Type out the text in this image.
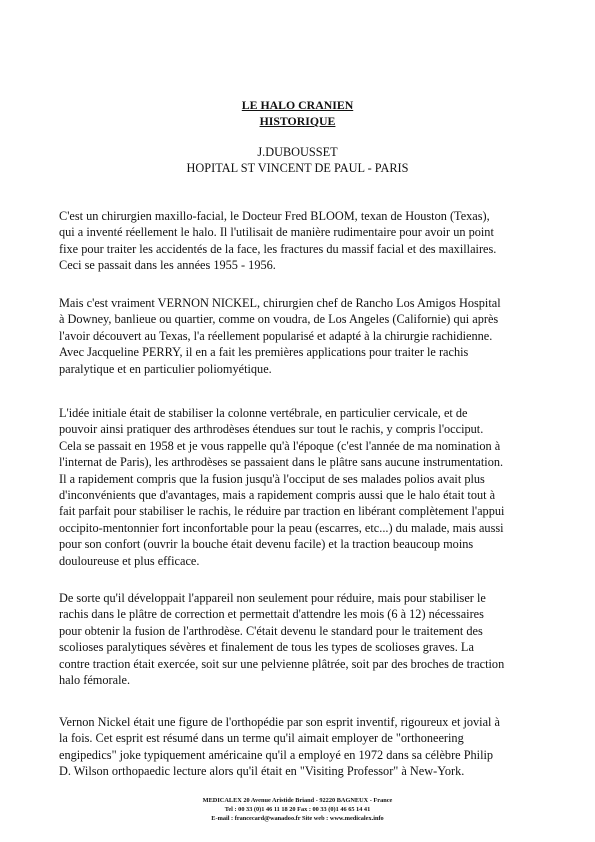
LE HALO CRANIEN
HISTORIQUE
J.DUBOUSSET
HOPITAL ST VINCENT DE PAUL - PARIS
C'est un chirurgien maxillo-facial, le Docteur Fred BLOOM, texan de Houston (Texas),
qui a inventé réellement le halo. Il l'utilisait de manière rudimentaire pour avoir un point
fixe pour traiter les accidentés de la face, les fractures du massif facial et des maxillaires.
Ceci se passait dans les années 1955 - 1956.
Mais c'est vraiment VERNON NICKEL, chirurgien chef de Rancho Los Amigos Hospital
à Downey, banlieue ou quartier, comme on voudra, de Los Angeles (Californie) qui après
l'avoir découvert au Texas, l'a réellement popularisé et adapté à la chirurgie rachidienne.
Avec Jacqueline PERRY, il en a fait les premières applications pour traiter le rachis
paralytique et en particulier poliomyétique.
L'idée initiale était de stabiliser la colonne vertébrale, en particulier cervicale, et de
pouvoir ainsi pratiquer des arthrodèses étendues sur tout le rachis, y compris l'occiput.
Cela se passait en 1958 et je vous rappelle qu'à l'époque (c'est l'année de ma nomination à
l'internat de Paris), les arthrodèses se passaient dans le plâtre sans aucune instrumentation.
Il a rapidement compris que la fusion jusqu'à l'occiput de ses malades polios avait plus
d'inconvénients que d'avantages, mais a rapidement compris aussi que le halo était tout à
fait parfait pour stabiliser le rachis, le réduire par traction en libérant complètement l'appui
occipito-mentonnier fort inconfortable pour la peau (escarres, etc...) du malade, mais aussi
pour son confort (ouvrir la bouche était devenu facile) et la traction beaucoup moins
douloureuse et plus efficace.
De sorte qu'il développait l'appareil non seulement pour réduire, mais pour stabiliser le
rachis dans le plâtre de correction et permettait d'attendre les mois (6 à 12) nécessaires
pour obtenir la fusion de l'arthrodèse. C'était devenu le standard pour le traitement des
scolioses paralytiques sévères et finalement de tous les types de scolioses graves. La
contre traction était exercée, soit sur une pelvienne plâtrée, soit par des broches de traction
halo fémorale.
Vernon Nickel était une figure de l'orthopédie par son esprit inventif, rigoureux et jovial à
la fois. Cet esprit est résumé dans un terme qu'il aimait employer de "orthoneering
engipedics" joke typiquement américaine qu'il a employé en 1972 dans sa célèbre Philip
D. Wilson orthopaedic lecture alors qu'il était en "Visiting Professor" à New-York.
MEDICALEX 20 Avenue Aristide Briand - 92220 BAGNEUX - France
Tel : 00 33 (0)1 46 11 18 20 Fax : 00 33 (0)1 46 65 14 41
E-mail : francecard@wanadoo.fr Site web : www.medicalex.info
